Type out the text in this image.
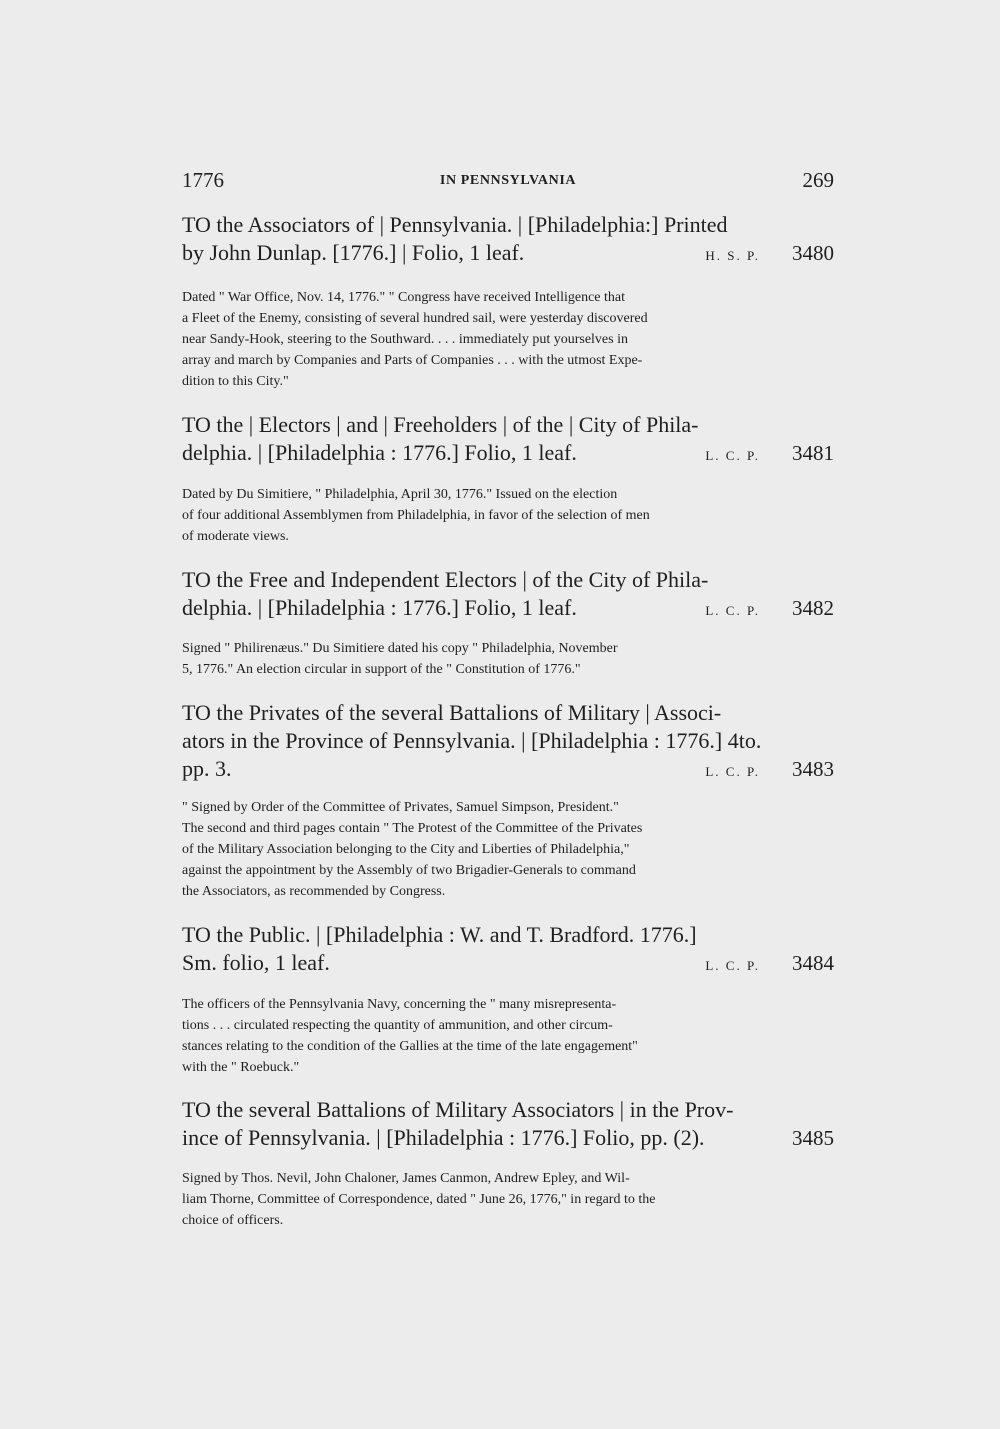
1776	IN PENNSYLVANIA	269
TO the Associators of | Pennsylvania. | [Philadelphia:] Printed
by John Dunlap. [1776.] | Folio, 1 leaf.	H. S. P. 3480
Dated " War Office, Nov. 14, 1776." " Congress have received Intelligence that
a Fleet of the Enemy, consisting of several hundred sail, were yesterday discovered
near Sandy-Hook, steering to the Southward. . . . immediately put yourselves in
array and march by Companies and Parts of Companies . . . with the utmost Expe-
dition to this City."
TO the | Electors | and | Freeholders | of the | City of Phila-
delphia. | [Philadelphia : 1776.] Folio, 1 leaf.	L. C. P. 3481
Dated by Du Simitiere, " Philadelphia, April 30, 1776." Issued on the election
of four additional Assemblymen from Philadelphia, in favor of the selection of men
of moderate views.
TO the Free and Independent Electors | of the City of Phila-
delphia. | [Philadelphia : 1776.] Folio, 1 leaf.	L. C. P. 3482
Signed " Philirenæus." Du Simitiere dated his copy " Philadelphia, November
5, 1776." An election circular in support of the " Constitution of 1776."
TO the Privates of the several Battalions of Military | Associ-
ators in the Province of Pennsylvania. | [Philadelphia : 1776.] 4to.
pp. 3.	L. C. P. 3483
" Signed by Order of the Committee of Privates, Samuel Simpson, President."
The second and third pages contain " The Protest of the Committee of the Privates
of the Military Association belonging to the City and Liberties of Philadelphia,"
against the appointment by the Assembly of two Brigadier-Generals to command
the Associators, as recommended by Congress.
TO the Public. | [Philadelphia : W. and T. Bradford. 1776.]
Sm. folio, 1 leaf.	L. C. P. 3484
The officers of the Pennsylvania Navy, concerning the " many misrepresenta-
tions . . . circulated respecting the quantity of ammunition, and other circum-
stances relating to the condition of the Gallies at the time of the late engagement"
with the " Roebuck."
TO the several Battalions of Military Associators | in the Prov-
ince of Pennsylvania. | [Philadelphia : 1776.] Folio, pp. (2).	3485
Signed by Thos. Nevil, John Chaloner, James Canmon, Andrew Epley, and Wil-
liam Thorne, Committee of Correspondence, dated " June 26, 1776," in regard to the
choice of officers.
